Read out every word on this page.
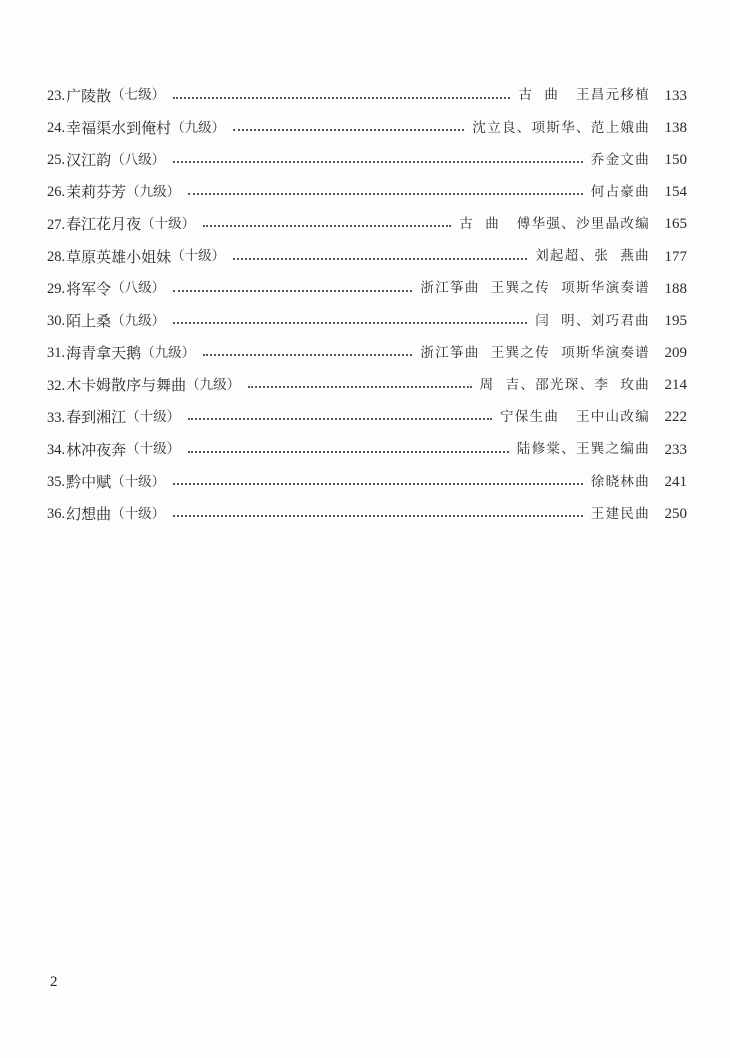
23. 广陵散 （七级）	古  曲   王昌元移植 133
24. 幸福渠水到俺村 （九级）	沈立良、项斯华、范上娥曲 138
25. 汉江韵 （八级）	乔金文曲 150
26. 茉莉芬芳 （九级）	何占豪曲 154
27. 春江花月夜 （十级）	古  曲   傅华强、沙里晶改编 165
28. 草原英雄小姐妹 （十级）	刘起超、张  燕曲 177
29. 将军令 （八级）	浙江筝曲  王巽之传  项斯华演奏谱 188
30. 陌上桑 （九级）	闫  明、刘巧君曲 195
31. 海青拿天鹅 （九级）	浙江筝曲  王巽之传  项斯华演奏谱 209
32. 木卡姆散序与舞曲 （九级）	周  吉、邵光琛、李  玫曲 214
33. 春到湘江 （十级）	宁保生曲   王中山改编 222
34. 林冲夜奔 （十级）	陆修棠、王巽之编曲 233
35. 黔中赋 （十级）	徐晓林曲 241
36. 幻想曲 （十级）	王建民曲 250
2
